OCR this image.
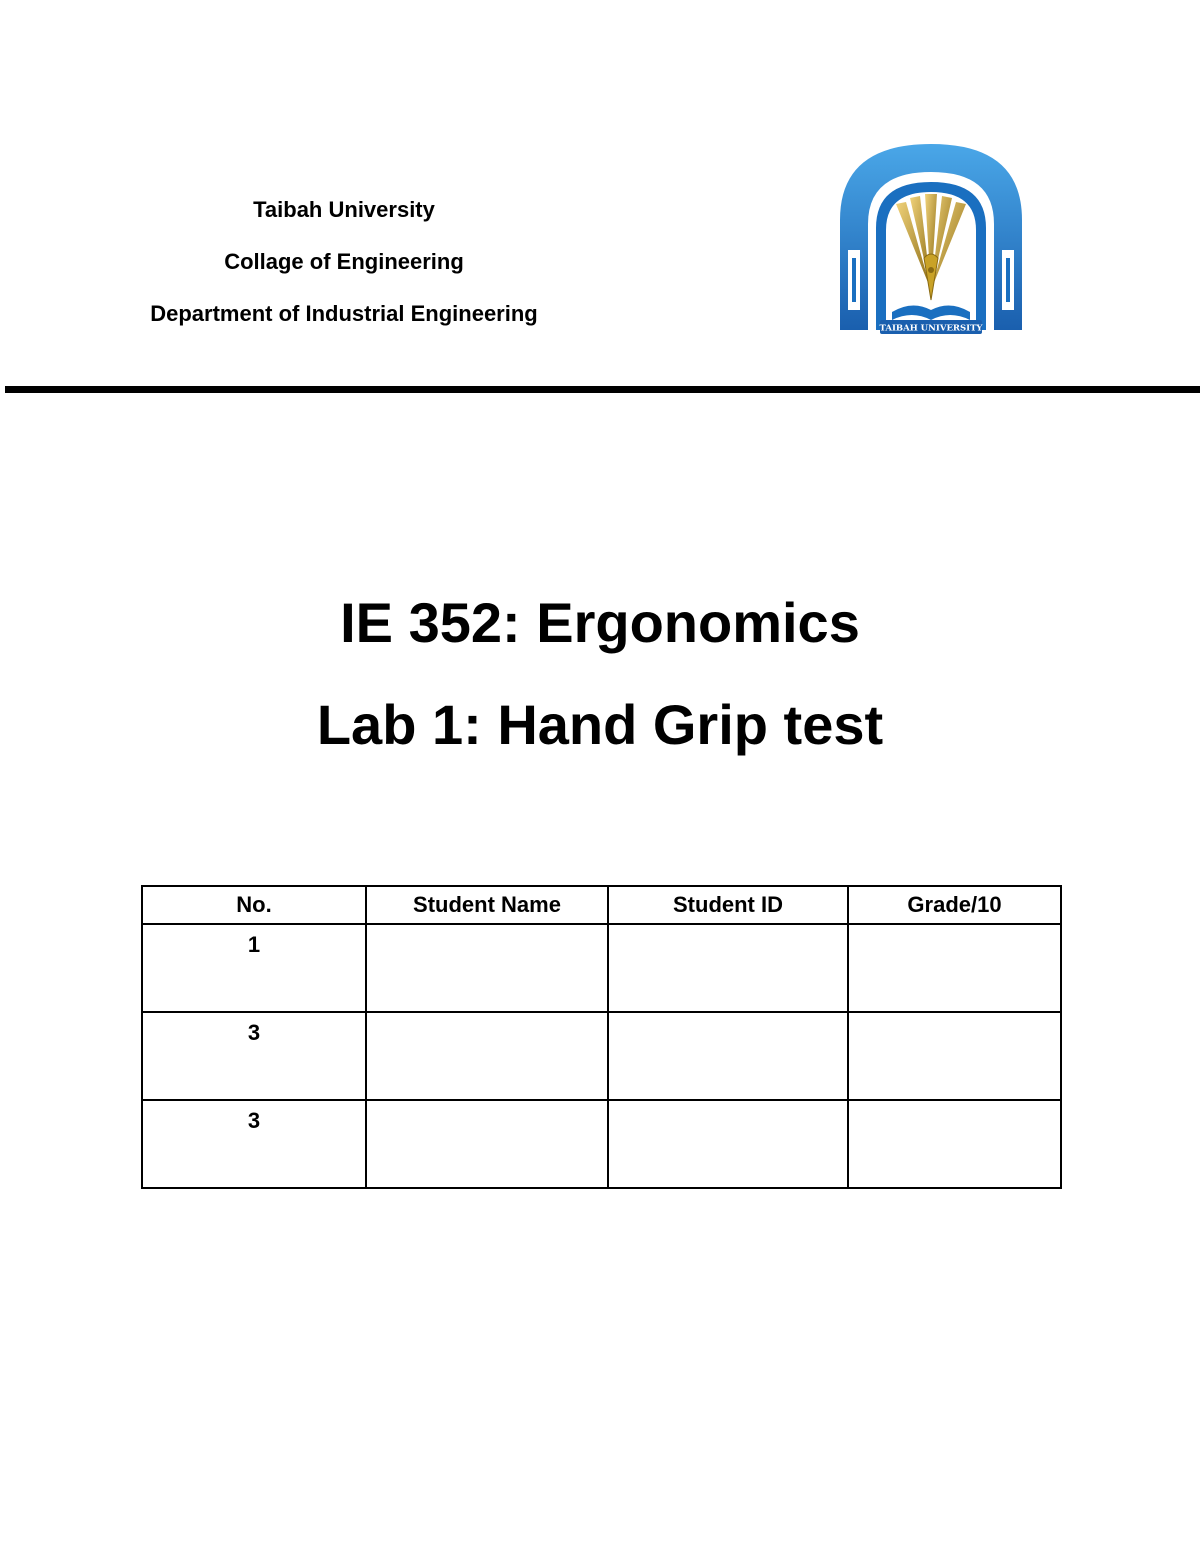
Taibah University
Collage of Engineering
Department of Industrial Engineering
TAIBAH UNIVERSITY
IE 352: Ergonomics
Lab 1: Hand Grip test
No.	Student Name	Student ID	Grade/10
1			
3			
3			
